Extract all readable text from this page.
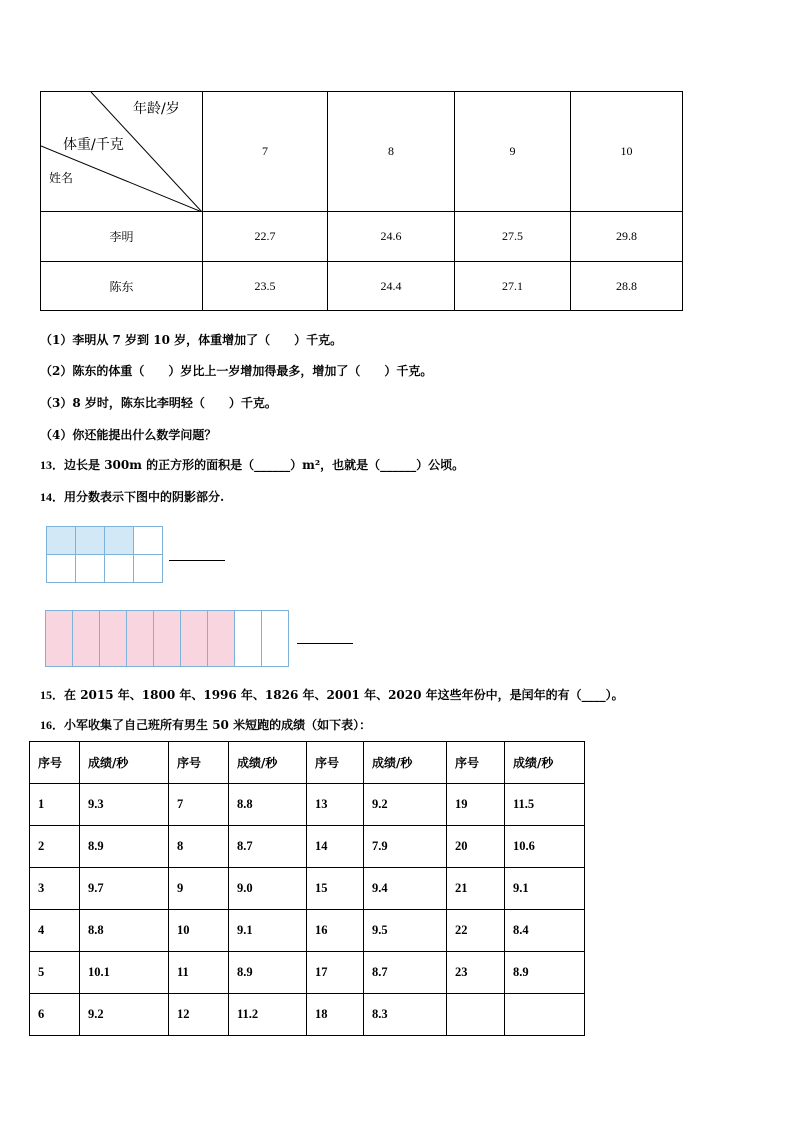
年龄/岁
体重/千克
姓名	7	8	9	10
李明	22.7	24.6	27.5	29.8
陈东	23.5	24.4	27.1	28.8
（1）李明从 7 岁到 10 岁，体重增加了（　　）千克。
（2）陈东的体重（　　）岁比上一岁增加得最多，增加了（　　）千克。
（3）8 岁时，陈东比李明轻（　　）千克。
（4）你还能提出什么数学问题？
13．边长是 300m 的正方形的面积是（______）m²，也就是（______）公顷。
14．用分数表示下图中的阴影部分.

15．在 2015 年、1800 年、1996 年、1826 年、2001 年、2020 年这些年份中，是闰年的有（____）。
16．小军收集了自己班所有男生 50 米短跑的成绩（如下表）：
序号	成绩/秒	序号	成绩/秒	序号	成绩/秒	序号	成绩/秒
1	9.3	7	8.8	13	9.2	19	11.5
2	8.9	8	8.7	14	7.9	20	10.6
3	9.7	9	9.0	15	9.4	21	9.1
4	8.8	10	9.1	16	9.5	22	8.4
5	10.1	11	8.9	17	8.7	23	8.9
6	9.2	12	11.2	18	8.3		
